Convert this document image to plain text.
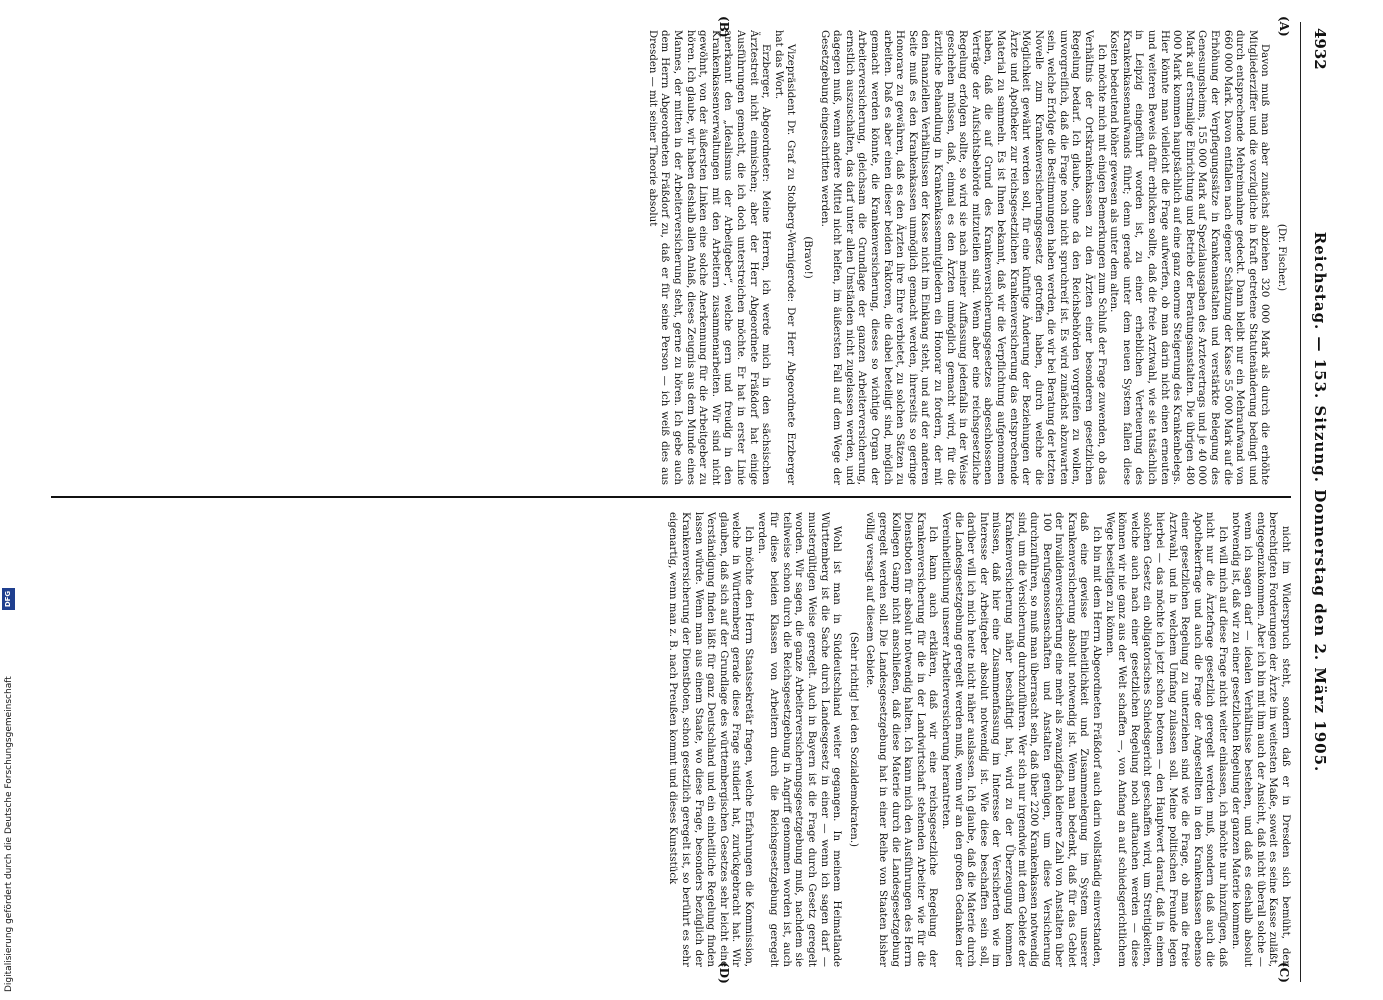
4932
Reichstag. — 153. Sitzung. Donnerstag den 2. März 1905.
(A)
(B)
(C)
(D)

(Dr. Fischer.)

Davon muß man aber zunächst abziehen 320 000 Mark als durch die erhöhte Mitgliederziffer und die vorzügliche in Kraft getretene Statutenänderung bedingt und durch entsprechende Mehreinnahme gedeckt. Dann bleibt nur ein Mehraufwand von 660 000 Mark. Davon entfallen nach eigener Schätzung der Kasse 55 000 Mark auf die Erhöhung der Verpflegungssätze in Krankenanstalten und verstärkte Belegung des Genesungsheims, 155 000 Mark auf Spezialausgaben des Arztevertrags und je 40 000 Mark auf erstmalige Einrichtung und Betrieb der Beratungsanstalten. Die übrigen 480 000 Mark kommen hauptsächlich auf eine ganz enorme Steigerung des Krankenbelegs. Hier könnte man vielleicht die Frage aufwerfen, ob man darin nicht einen erneuten und weiteren Beweis dafür erblicken sollte, daß die freie Arztwahl, wie sie tatsächlich in Leipzig eingeführt worden ist, zu einer erheblichen Verteuerung des Krankenkassenaufwands führt; denn gerade unter dem neuen System fallen diese Kosten bedeutend höher gewesen als unter dem alten.

Ich möchte mich mit einigen Bemerkungen zum Schluß der Frage zuwenden, ob das Verhältnis der Ortskrankenkassen zu den Ärzten einer besonderen gesetzlichen Regelung bedarf. Ich glaube, ohne da den Reichsbehörden vorgreifen zu wollen, unvorgreiflich, daß die Frage noch nicht spruchreif ist. Es wird zunächst abzuwarten sein, welche Erfolge die Bestimmungen haben werden, die wir bei Beratung der letzten Novelle zum Krankenversicherungsgesetz getroffen haben, durch welche die Möglichkeit gewährt werden soll, für eine künftige Änderung der Beziehungen der Ärzte und Apotheker zur reichsgesetzlichen Krankenversicherung das entsprechende Material zu sammeln. Es ist Ihnen bekannt, daß wir die Verpflichtung aufgenommen haben, daß die auf Grund des Krankenversicherungsgesetzes abgeschlossenen Verträge der Aufsichtsbehörde mitzuteilen sind. Wenn aber eine reichsgesetzliche Regelung erfolgen sollte, so wird sie nach meiner Auffassung jedenfalls in der Weise geschehen müssen, daß, einmal es den Ärzten unmöglich gemacht wird, für die ärztliche Behandlung in Krankenkassenmitgliedern ein Honorar zu fordern, der mit den finanziellen Verhältnissen der Kasse nicht im Einklang steht, und auf der anderen Seite muß es den Krankenkassen unmöglich gemacht werden, ihrerseits so geringe Honorare zu gewähren, daß es den Ärzten ihre Ehre verbietet, zu solchen Sätzen zu arbeiten. Daß es aber einen dieser beiden Faktoren, die dabei beteiligt sind, möglich gemacht werden könnte, die Krankenversicherung, dieses so wichtige Organ der Arbeiterversicherung, gleichsam die Grundlage der ganzen Arbeiterversicherung, ernstlich auszuschalten, das darf unter allen Umständen nicht zugelassen werden, und dagegen muß, wenn andere Mittel nicht helfen, im äußersten Fall auf dem Wege der Gesetzgebung eingeschritten werden.

(Bravo!)

Vizepräsident Dr. Graf zu Stolberg-Wernigerode: Der Herr Abgeordnete Erzberger hat das Wort.

Erzberger, Abgeordneter: Meine Herren, ich werde mich in den sächsischen Ärztestreit nicht einmischen; aber der Herr Abgeordnete Fräßdorf hat einige Ausführungen gemacht, die ich doch unterstreichen möchte. Er hat in erster Linie anerkannt den „Idealismus der Arbeitgeber“, welche gern und freudig in den Krankenkassenverwaltungen mit den Arbeitern zusammenarbeiten. Wir sind nicht gewöhnt, von der äußersten Linken eine solche Anerkennung für die Arbeitgeber zu hören. Ich glaube, wir haben deshalb allen Anlaß, dieses Zeugnis aus dem Munde eines Mannes, der mitten in der Arbeiterversicherung steht, gerne zu hören. Ich gebe auch dem Herrn Abgeordneten Fräßdorf zu, daß er für seine Person — ich weiß dies aus Dresden — mit seiner Theorie absolut

nicht im Widerspruch steht, sondern daß er in Dresden sich bemüht, den berechtigten Forderungen der Ärzte im weitesten Maße, soweit es seine Kasse zuläßt, entgegenzukommen. Aber ich bin mit ihm auch der Ansicht, daß nicht überall solche — wenn ich sagen darf — idealen Verhältnisse bestehen, und daß es deshalb absolut notwendig ist, daß wir zu einer gesetzlichen Regelung der ganzen Materie kommen.

Ich will mich auf diese Frage nicht weiter einlassen, ich möchte nur hinzufügen, daß nicht nur die Ärztefrage gesetzlich geregelt werden muß, sondern daß auch die Apothekerfrage und auch die Frage der Angestellten in den Krankenkassen ebenso einer gesetzlichen Regelung zu unterziehen sind wie die Frage, ob man die freie Arztwahl, und in welchem Umfang zulassen soll. Meine politischen Freunde legen hierbei — das möchte ich jetzt schon betonen — den Hauptwert darauf, daß in einem solchen Gesetz ein obligatorisches Schiedsgericht geschaffen wird, um Streitigkeiten, welche auch nach einer gesetzlichen Regelung noch auftauchen werden — diese können wir nie ganz aus der Welt schaffen —, von Anfang an auf schiedsgerichtlichem Wege beseitigen zu können.

Ich bin mit dem Herrn Abgeordneten Fräßdorf auch darin vollständig einverstanden, daß eine gewisse Einheitlichkeit und Zusammenlegung im System unserer Krankenversicherung absolut notwendig ist. Wenn man bedenkt, daß für das Gebiet der Invalidenversicherung eine mehr als zwanzigfach kleinere Zahl von Anstalten über 100 Berufsgenossenschaften und Anstalten genügen, um diese Versicherung durchzuführen, so muß man überrascht sein, daß über 2200 Krankenkassen notwendig sind, um die Versicherung durchzuführen. Wer sich nur irgendwie mit dem Gebiete der Krankenversicherung näher beschäftigt hat, wird zu der Überzeugung kommen müssen, daß hier eine Zusammenfassung im Interesse der Versicherten wie im Interesse der Arbeitgeber absolut notwendig ist. Wie diese beschaffen sein soll, darüber will ich mich heute nicht näher auslassen. Ich glaube, daß die Materie durch die Landesgesetzgebung geregelt werden muß, wenn wir an den großen Gedanken der Vereinheitlichung unserer Arbeiterversicherung herantreten.

Ich kann auch erklären, daß wir eine reichsgesetzliche Regelung der Krankenversicherung für die in der Landwirtschaft stehenden Arbeiter wie für die Dienstboten für absolut notwendig halten. Ich kann mich den Ausführungen des Herrn Kollegen Gamp nicht anschließen, daß diese Materie durch die Landesgesetzgebung geregelt werden soll. Die Landesgesetzgebung hat in einer Reihe von Staaten bisher völlig versagt auf diesem Gebiete.

(Sehr richtig! bei den Sozialdemokraten.)

Wohl ist man in Süddeutschland weiter gegangen. In meinem Heimatlande Württemberg ist die Sache durch Landesgesetz in einer — wenn ich sagen darf — mustergültigen Weise geregelt. Auch in Bayern ist die Frage durch Gesetz geregelt worden. Wir sagen, die ganze Arbeiterversicherungsgesetzgebung muß, nachdem sie teilweise schon durch die Reichsgesetzgebung in Angriff genommen worden ist, auch für diese beiden Klassen von Arbeitern durch die Reichsgesetzgebung geregelt werden.

Ich möchte den Herrn Staatssekretär fragen, welche Erfahrungen die Kommission, welche in Württemberg gerade diese Frage studiert hat, zurückgebracht hat. Wir glauben, daß sich auf der Grundlage des württembergischen Gesetzes sehr leicht eine Verständigung finden läßt für ganz Deutschland und ein einheitliche Regelung finden lassen würde. Wenn man aus einem Staate, wo diese Frage, besonders bezüglich der Krankenversicherung der Dienstboten, schon gesetzlich geregelt ist, so berührt es sehr eigenartig, wenn man z. B. nach Preußen kommt und dieses Kunststück

DFG
Digitalisierung gefördert durch die Deutsche Forschungsgemeinschaft
